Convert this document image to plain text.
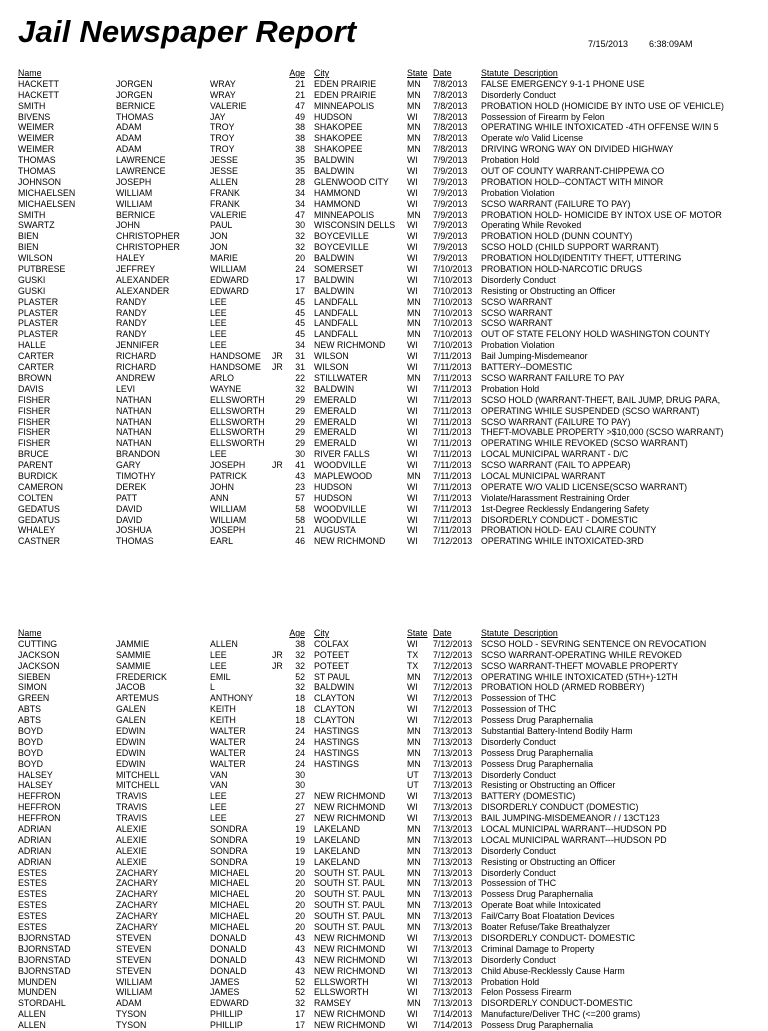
Jail Newspaper Report	7/15/2013 6:38:09AM
Name	Age City	State Date	Statute_Description
HACKETT	JORGEN	WRAY	21 EDEN PRAIRIE	MN 7/8/2013 FALSE EMERGENCY 9-1-1 PHONE USE
HACKETT	JORGEN	WRAY	21 EDEN PRAIRIE	MN 7/8/2013 Disorderly Conduct
SMITH	BERNICE	VALERIE	47 MINNEAPOLIS	MN 7/8/2013 PROBATION HOLD (HOMICIDE BY INTO USE OF VEHICLE)
BIVENS	THOMAS	JAY	49 HUDSON	WI 7/8/2013 Possession of Firearm by Felon
WEIMER	ADAM	TROY	38 SHAKOPEE	MN 7/8/2013 OPERATING WHILE INTOXICATED -4TH OFFENSE W/IN 5
WEIMER	ADAM	TROY	38 SHAKOPEE	MN 7/8/2013 Operate w/o Valid License
WEIMER	ADAM	TROY	38 SHAKOPEE	MN 7/8/2013 DRIVING WRONG WAY ON DIVIDED HIGHWAY
THOMAS	LAWRENCE	JESSE	35 BALDWIN	WI 7/9/2013 Probation Hold
THOMAS	LAWRENCE	JESSE	35 BALDWIN	WI 7/9/2013 OUT OF COUNTY WARRANT-CHIPPEWA CO
JOHNSON	JOSEPH	ALLEN	28 GLENWOOD CITY WI 7/9/2013 PROBATION HOLD--CONTACT WITH MINOR
MICHAELSEN	WILLIAM	FRANK	34 HAMMOND	WI 7/9/2013 Probation Violation
MICHAELSEN	WILLIAM	FRANK	34 HAMMOND	WI 7/9/2013 SCSO WARRANT (FAILURE TO PAY)
SMITH	BERNICE	VALERIE	47 MINNEAPOLIS	MN 7/9/2013 PROBATION HOLD- HOMICIDE BY INTOX USE OF MOTOR
SWARTZ	JOHN	PAUL	30 WISCONSIN DELLS WI 7/9/2013 Operating While Revoked
BIEN	CHRISTOPHER	JON	32 BOYCEVILLE	WI 7/9/2013 PROBATION HOLD (DUNN COUNTY)
BIEN	CHRISTOPHER	JON	32 BOYCEVILLE	WI 7/9/2013 SCSO HOLD (CHILD SUPPORT WARRANT)
WILSON	HALEY	MARIE	20 BALDWIN	WI 7/9/2013 PROBATION HOLD(IDENTITY THEFT, UTTERING
PUTBRESE	JEFFREY	WILLIAM	24 SOMERSET	WI 7/10/2013 PROBATION HOLD-NARCOTIC DRUGS
GUSKI	ALEXANDER	EDWARD	17 BALDWIN	WI 7/10/2013 Disorderly Conduct
GUSKI	ALEXANDER	EDWARD	17 BALDWIN	WI 7/10/2013 Resisting or Obstructing an Officer
PLASTER	RANDY	LEE	45 LANDFALL	MN 7/10/2013 SCSO WARRANT
PLASTER	RANDY	LEE	45 LANDFALL	MN 7/10/2013 SCSO WARRANT
PLASTER	RANDY	LEE	45 LANDFALL	MN 7/10/2013 SCSO WARRANT
PLASTER	RANDY	LEE	45 LANDFALL	MN 7/10/2013 OUT OF STATE FELONY HOLD WASHINGTON COUNTY
HALLE	JENNIFER	LEE	34 NEW RICHMOND WI 7/10/2013 Probation Violation
CARTER	RICHARD	HANDSOME JR	31 WILSON	WI 7/11/2013 Bail Jumping-Misdemeanor
CARTER	RICHARD	HANDSOME JR	31 WILSON	WI 7/11/2013 BATTERY--DOMESTIC
BROWN	ANDREW	ARLO	22 STILLWATER	MN 7/11/2013 SCSO WARRANT FAILURE TO PAY
DAVIS	LEVI	WAYNE	32 BALDWIN	WI 7/11/2013 Probation Hold
FISHER	NATHAN	ELLSWORTH	29 EMERALD	WI 7/11/2013 SCSO HOLD (WARRANT-THEFT, BAIL JUMP, DRUG PARA,
FISHER	NATHAN	ELLSWORTH	29 EMERALD	WI 7/11/2013 OPERATING WHILE SUSPENDED (SCSO WARRANT)
FISHER	NATHAN	ELLSWORTH	29 EMERALD	WI 7/11/2013 SCSO WARRANT (FAILURE TO PAY)
FISHER	NATHAN	ELLSWORTH	29 EMERALD	WI 7/11/2013 THEFT-MOVABLE PROPERTY >$10,000 (SCSO WARRANT)
FISHER	NATHAN	ELLSWORTH	29 EMERALD	WI 7/11/2013 OPERATING WHILE REVOKED (SCSO WARRANT)
BRUCE	BRANDON	LEE	30 RIVER FALLS	WI 7/11/2013 LOCAL MUNICIPAL WARRANT - D/C
PARENT	GARY	JOSEPH	JR	41 WOODVILLE	WI 7/11/2013 SCSO WARRANT (FAIL TO APPEAR)
BURDICK	TIMOTHY	PATRICK	43 MAPLEWOOD	MN 7/11/2013 LOCAL MUNICIPAL WARRANT
CAMERON	DEREK	JOHN	23 HUDSON	WI 7/11/2013 OPERATE W/O VALID LICENSE(SCSO WARRANT)
COLTEN	PATT	ANN	57 HUDSON	WI 7/11/2013 Violate/Harassment Restraining Order
GEDATUS	DAVID	WILLIAM	58 WOODVILLE	WI 7/11/2013 1st-Degree Recklessly Endangering Safety
GEDATUS	DAVID	WILLIAM	58 WOODVILLE	WI 7/11/2013 DISORDERLY CONDUCT - DOMESTIC
WHALEY	JOSHUA	JOSEPH	21 AUGUSTA	WI 7/11/2013 PROBATION HOLD- EAU CLAIRE COUNTY
CASTNER	THOMAS	EARL	46 NEW RICHMOND WI 7/12/2013 OPERATING WHILE INTOXICATED-3RD
Name	Age City	State Date	Statute_Description
CUTTING	JAMMIE	ALLEN	38 COLFAX	WI 7/12/2013 SCSO HOLD - SEVRING SENTENCE ON REVOCATION
JACKSON	SAMMIE	LEE	JR	32 POTEET	TX 7/12/2013 SCSO WARRANT-OPERATING WHILE REVOKED
JACKSON	SAMMIE	LEE	JR	32 POTEET	TX 7/12/2013 SCSO WARRANT-THEFT MOVABLE PROPERTY
SIEBEN	FREDERICK	EMIL	52 ST PAUL	MN 7/12/2013 OPERATING WHILE INTOXICATED (5TH+)-12TH
SIMON	JACOB	L	32 BALDWIN	WI 7/12/2013 PROBATION HOLD (ARMED ROBBERY)
GREEN	ARTEMUS	ANTHONY	18 CLAYTON	WI 7/12/2013 Possession of THC
ABTS	GALEN	KEITH	18 CLAYTON	WI 7/12/2013 Possession of THC
ABTS	GALEN	KEITH	18 CLAYTON	WI 7/12/2013 Possess Drug Paraphernalia
BOYD	EDWIN	WALTER	24 HASTINGS	MN 7/13/2013 Substantial Battery-Intend Bodily Harm
BOYD	EDWIN	WALTER	24 HASTINGS	MN 7/13/2013 Disorderly Conduct
BOYD	EDWIN	WALTER	24 HASTINGS	MN 7/13/2013 Possess Drug Paraphernalia
BOYD	EDWIN	WALTER	24 HASTINGS	MN 7/13/2013 Possess Drug Paraphernalia
HALSEY	MITCHELL	VAN	30	UT 7/13/2013 Disorderly Conduct
HALSEY	MITCHELL	VAN	30	UT 7/13/2013 Resisting or Obstructing an Officer
HEFFRON	TRAVIS	LEE	27 NEW RICHMOND WI 7/13/2013 BATTERY (DOMESTIC)
HEFFRON	TRAVIS	LEE	27 NEW RICHMOND WI 7/13/2013 DISORDERLY CONDUCT (DOMESTIC)
HEFFRON	TRAVIS	LEE	27 NEW RICHMOND WI 7/13/2013 BAIL JUMPING-MISDEMEANOR / / 13CT123
ADRIAN	ALEXIE	SONDRA	19 LAKELAND	MN 7/13/2013 LOCAL MUNICIPAL WARRANT---HUDSON PD
ADRIAN	ALEXIE	SONDRA	19 LAKELAND	MN 7/13/2013 LOCAL MUNICIPAL WARRANT---HUDSON PD
ADRIAN	ALEXIE	SONDRA	19 LAKELAND	MN 7/13/2013 Disorderly Conduct
ADRIAN	ALEXIE	SONDRA	19 LAKELAND	MN 7/13/2013 Resisting or Obstructing an Officer
ESTES	ZACHARY	MICHAEL	20 SOUTH ST. PAUL	MN 7/13/2013 Disorderly Conduct
ESTES	ZACHARY	MICHAEL	20 SOUTH ST. PAUL	MN 7/13/2013 Possession of THC
ESTES	ZACHARY	MICHAEL	20 SOUTH ST. PAUL	MN 7/13/2013 Possess Drug Paraphernalia
ESTES	ZACHARY	MICHAEL	20 SOUTH ST. PAUL	MN 7/13/2013 Operate Boat while Intoxicated
ESTES	ZACHARY	MICHAEL	20 SOUTH ST. PAUL	MN 7/13/2013 Fail/Carry Boat Floatation Devices
ESTES	ZACHARY	MICHAEL	20 SOUTH ST. PAUL	MN 7/13/2013 Boater Refuse/Take Breathalyzer
BJORNSTAD	STEVEN	DONALD	43 NEW RICHMOND WI 7/13/2013 DISORDERLY CONDUCT- DOMESTIC
BJORNSTAD	STEVEN	DONALD	43 NEW RICHMOND WI 7/13/2013 Criminal Damage to Property
BJORNSTAD	STEVEN	DONALD	43 NEW RICHMOND WI 7/13/2013 Disorderly Conduct
BJORNSTAD	STEVEN	DONALD	43 NEW RICHMOND WI 7/13/2013 Child Abuse-Recklessly Cause Harm
MUNDEN	WILLIAM	JAMES	52 ELLSWORTH	WI 7/13/2013 Probation Hold
MUNDEN	WILLIAM	JAMES	52 ELLSWORTH	WI 7/13/2013 Felon Possess Firearm
STORDAHL	ADAM	EDWARD	32 RAMSEY	MN 7/13/2013 DISORDERLY CONDUCT-DOMESTIC
ALLEN	TYSON	PHILLIP	17 NEW RICHMOND WI 7/14/2013 Manufacture/Deliver THC (<=200 grams)
ALLEN	TYSON	PHILLIP	17 NEW RICHMOND WI 7/14/2013 Possess Drug Paraphernalia
